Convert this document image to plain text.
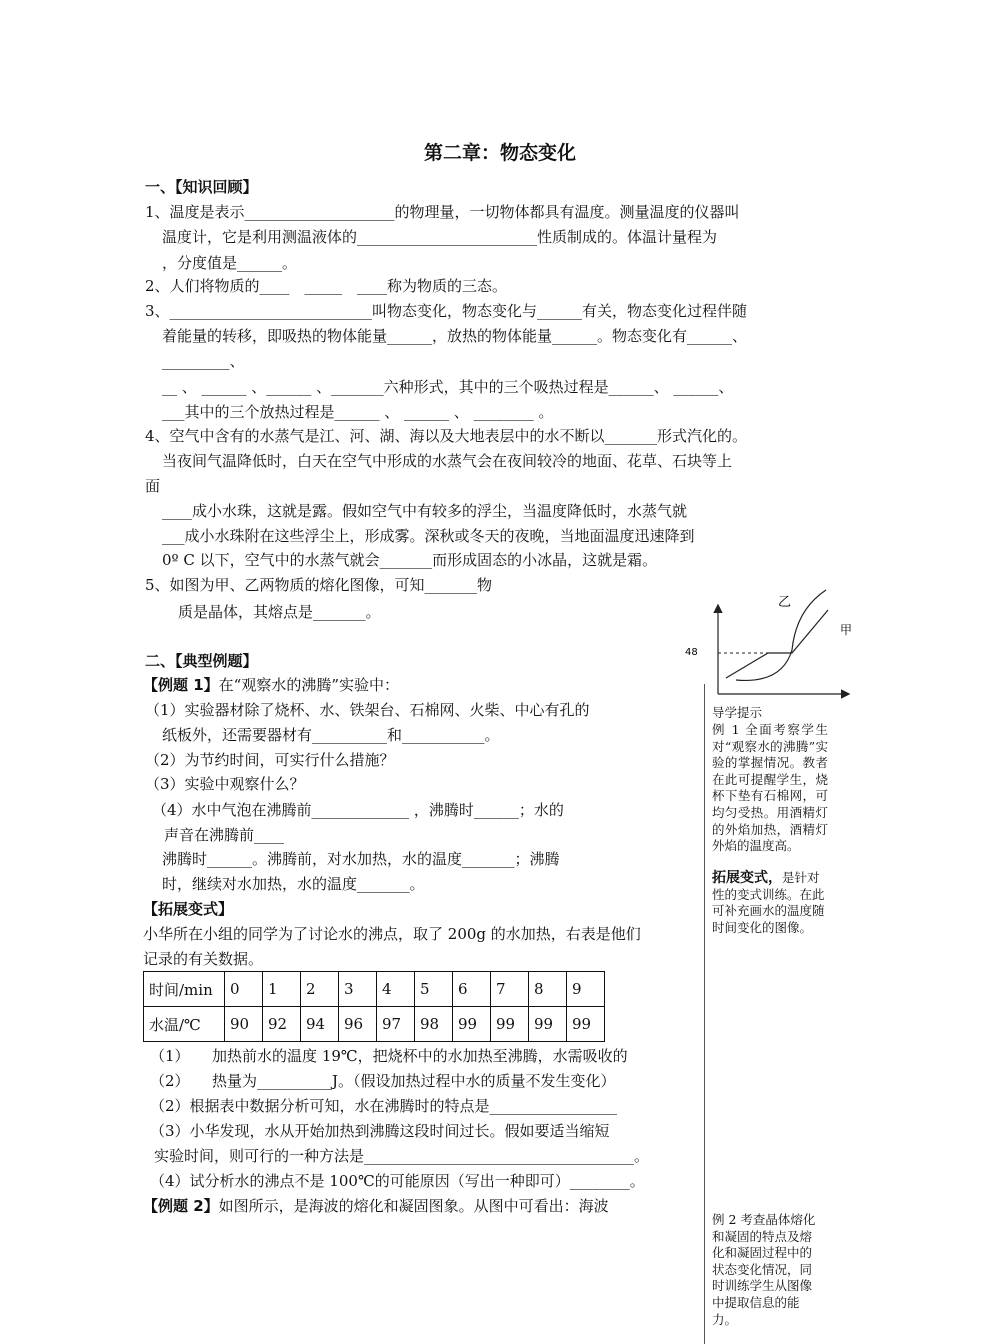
第二章：物态变化
一、【知识回顾】
1、温度是表示____________________的物理量，一切物体都具有温度。测量温度的仪器叫
温度计，它是利用测温液体的________________________性质制成的。体温计量程为
，分度值是______。
2、人们将物质的____　_____　____称为物质的三态。
3、___________________________叫物态变化，物态变化与______有关，物态变化过程伴随
着能量的转移，即吸热的物体能量______，放热的物体能量______。物态变化有______、
_________、
__ 、 ______ 、______ 、_______六种形式，其中的三个吸热过程是______、 ______、
___其中的三个放热过程是______ 、 ______ 、 ________ 。
4、空气中含有的水蒸气是江、河、湖、海以及大地表层中的水不断以_______形式汽化的。
当夜间气温降低时，白天在空气中形成的水蒸气会在夜间较冷的地面、花草、石块等上
面
____成小水珠，这就是露。假如空气中有较多的浮尘，当温度降低时，水蒸气就
___成小水珠附在这些浮尘上，形成雾。深秋或冬天的夜晚，当地面温度迅速降到
0º C 以下，空气中的水蒸气就会_______而形成固态的小冰晶，这就是霜。
5、如图为甲、乙两物质的熔化图像，可知_______物
质是晶体，其熔点是_______。
乙
甲
48
二、【典型例题】
【例题 1】在“观察水的沸腾”实验中：
（1）实验器材除了烧杯、水、铁架台、石棉网、火柴、中心有孔的
纸板外，还需要器材有__________和___________。
（2）为节约时间，可实行什么措施？
（3）实验中观察什么？
（4）水中气泡在沸腾前_____________ ，沸腾时______；水的
声音在沸腾前____
沸腾时______。沸腾前，对水加热，水的温度_______；沸腾
时，继续对水加热，水的温度_______。
【拓展变式】
小华所在小组的同学为了讨论水的沸点，取了 200g 的水加热，右表是他们
记录的有关数据。
时间/min	0	1	2	3	4	5	6	7	8	9
水温/℃	90	92	94	96	97	98	99	99	99	99
（1）　　加热前水的温度 19℃，把烧杯中的水加热至沸腾，水需吸收的
（2）　　热量为__________J。（假设加热过程中水的质量不发生变化）
（2）根据表中数据分析可知，水在沸腾时的特点是_________________
（3）小华发现，水从开始加热到沸腾这段时间过长。假如要适当缩短
实验时间，则可行的一种方法是____________________________________。
（4）试分析水的沸点不是 100℃的可能原因（写出一种即可）________。
【例题 2】如图所示，是海波的熔化和凝固图象。从图中可看出：海波
导学提示
例 1 全面考察学生对“观察水的沸腾”实验的掌握情况。教者在此可提醒学生，烧杯下垫有石棉网，可均匀受热。用酒精灯的外焰加热，酒精灯外焰的温度高。
拓展变式，是针对性的变式训练。在此可补充画水的温度随时间变化的图像。
例 2 考查晶体熔化和凝固的特点及熔化和凝固过程中的状态变化情况，同时训练学生从图像中提取信息的能力。
